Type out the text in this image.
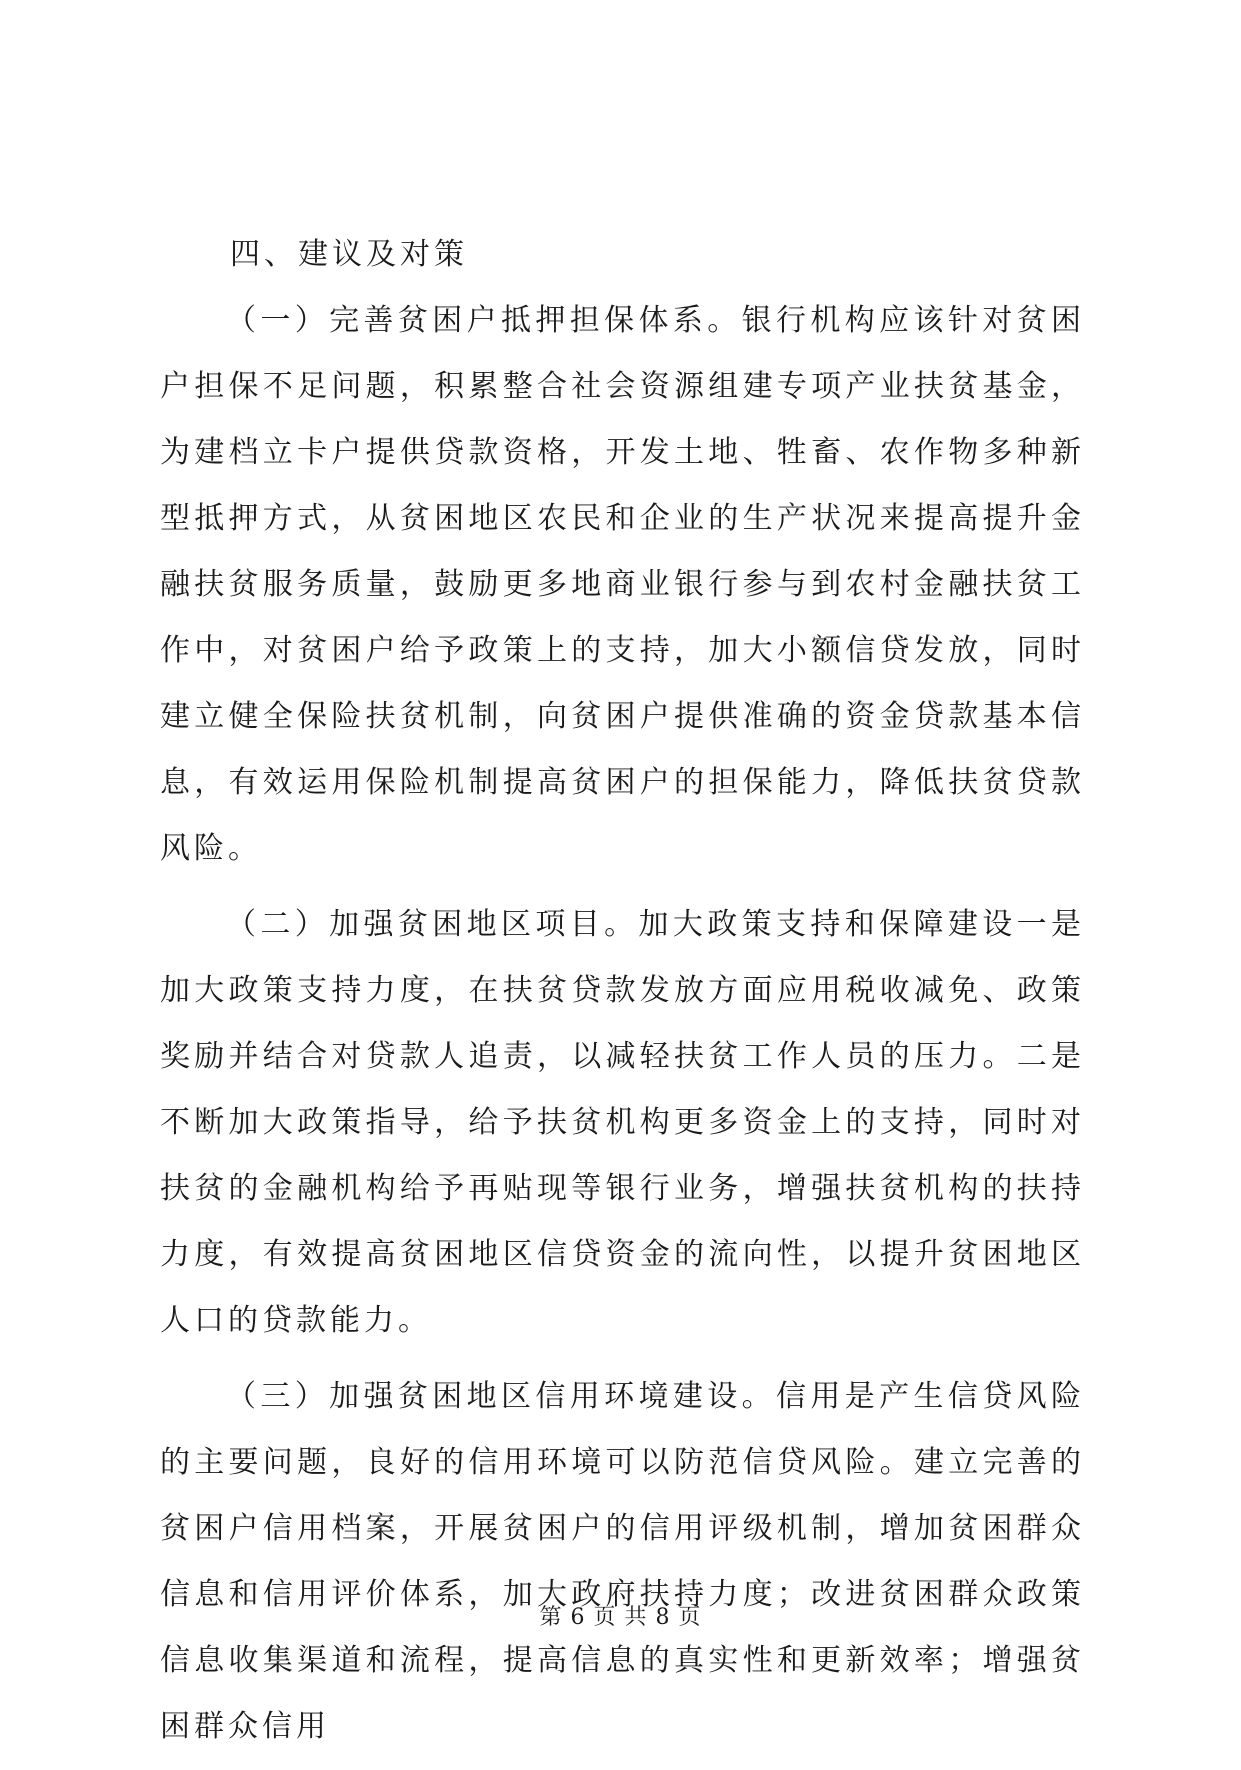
四、建议及对策

（一）完善贫困户抵押担保体系。银行机构应该针对贫困户担保不足问题，积累整合社会资源组建专项产业扶贫基金，为建档立卡户提供贷款资格，开发土地、牲畜、农作物多种新型抵押方式，从贫困地区农民和企业的生产状况来提高提升金融扶贫服务质量，鼓励更多地商业银行参与到农村金融扶贫工作中，对贫困户给予政策上的支持，加大小额信贷发放，同时建立健全保险扶贫机制，向贫困户提供准确的资金贷款基本信息，有效运用保险机制提高贫困户的担保能力，降低扶贫贷款风险。

（二）加强贫困地区项目。加大政策支持和保障建设一是加大政策支持力度，在扶贫贷款发放方面应用税收减免、政策奖励并结合对贷款人追责，以减轻扶贫工作人员的压力。二是不断加大政策指导，给予扶贫机构更多资金上的支持，同时对扶贫的金融机构给予再贴现等银行业务，增强扶贫机构的扶持力度，有效提高贫困地区信贷资金的流向性，以提升贫困地区人口的贷款能力。

（三）加强贫困地区信用环境建设。信用是产生信贷风险的主要问题，良好的信用环境可以防范信贷风险。建立完善的贫困户信用档案，开展贫困户的信用评级机制，增加贫困群众信息和信用评价体系，加大政府扶持力度；改进贫困群众政策信息收集渠道和流程，提高信息的真实性和更新效率；增强贫困群众信用

第 6 页 共 8 页
